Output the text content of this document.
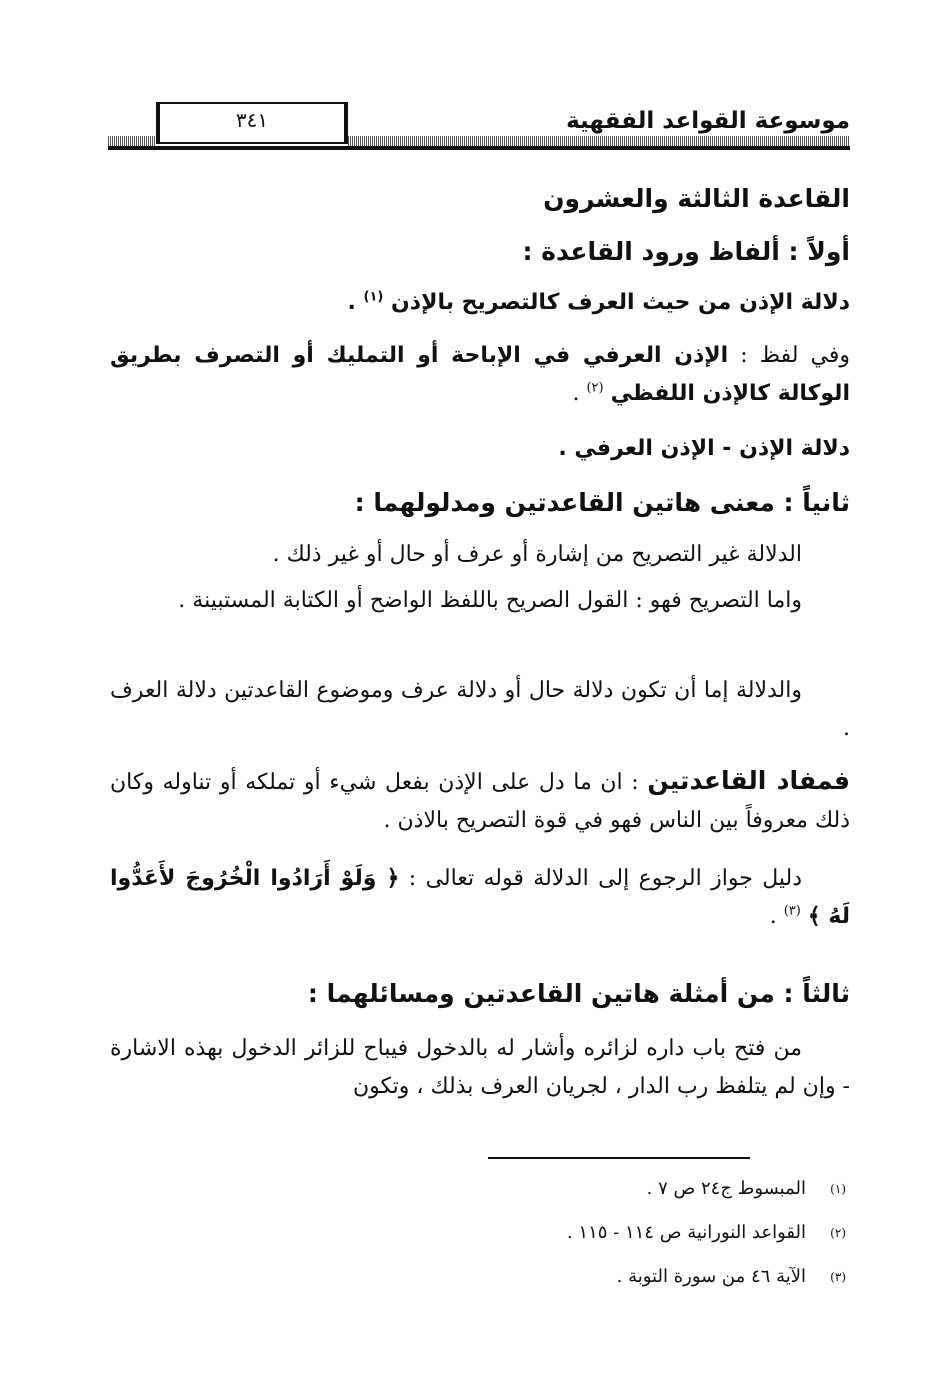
٣٤١	موسوعة القواعد الفقهية
القاعدة الثالثة والعشرون
أولاً : ألفاظ ورود القاعدة :
دلالة الإذن من حيث العرف كالتصريح بالإذن $^{(١)}$ .
وفي لفظ : الإذن العرفي في الإباحة أو التمليك أو التصرف بطريق الوكالة كالإذن اللفظي $^{(٢)}$ .
دلالة الإذن - الإذن العرفي .
ثانياً : معنى هاتين القاعدتين ومدلولهما :
الدلالة غير التصريح من إشارة أو عرف أو حال أو غير ذلك .
واما التصريح فهو : القول الصريح باللفظ الواضح أو الكتابة المستبينة .
والدلالة إما أن تكون دلالة حال أو دلالة عرف وموضوع القاعدتين دلالة العرف .
فمفاد القاعدتين : ان ما دل على الإذن بفعل شيء أو تملكه أو تناوله وكان ذلك معروفاً بين الناس فهو في قوة التصريح بالاذن .
دليل جواز الرجوع إلى الدلالة قوله تعالى : ﴿ وَلَوْ أَرَادُوا الْخُرُوجَ لأَعَدُّوا لَهُ ﴾ $^{(٣)}$ .
ثالثاً : من أمثلة هاتين القاعدتين ومسائلهما :
من فتح باب داره لزائره وأشار له بالدخول فيباح للزائر الدخول بهذه الاشارة - وإن لم يتلفظ رب الدار ، لجريان العرف بذلك ، وتكون
(١)المبسوط ج٢٤ ص ٧ .
(٢)القواعد النورانية ص ١١٤ - ١١٥ .
(٣)الآية ٤٦ من سورة التوبة .
